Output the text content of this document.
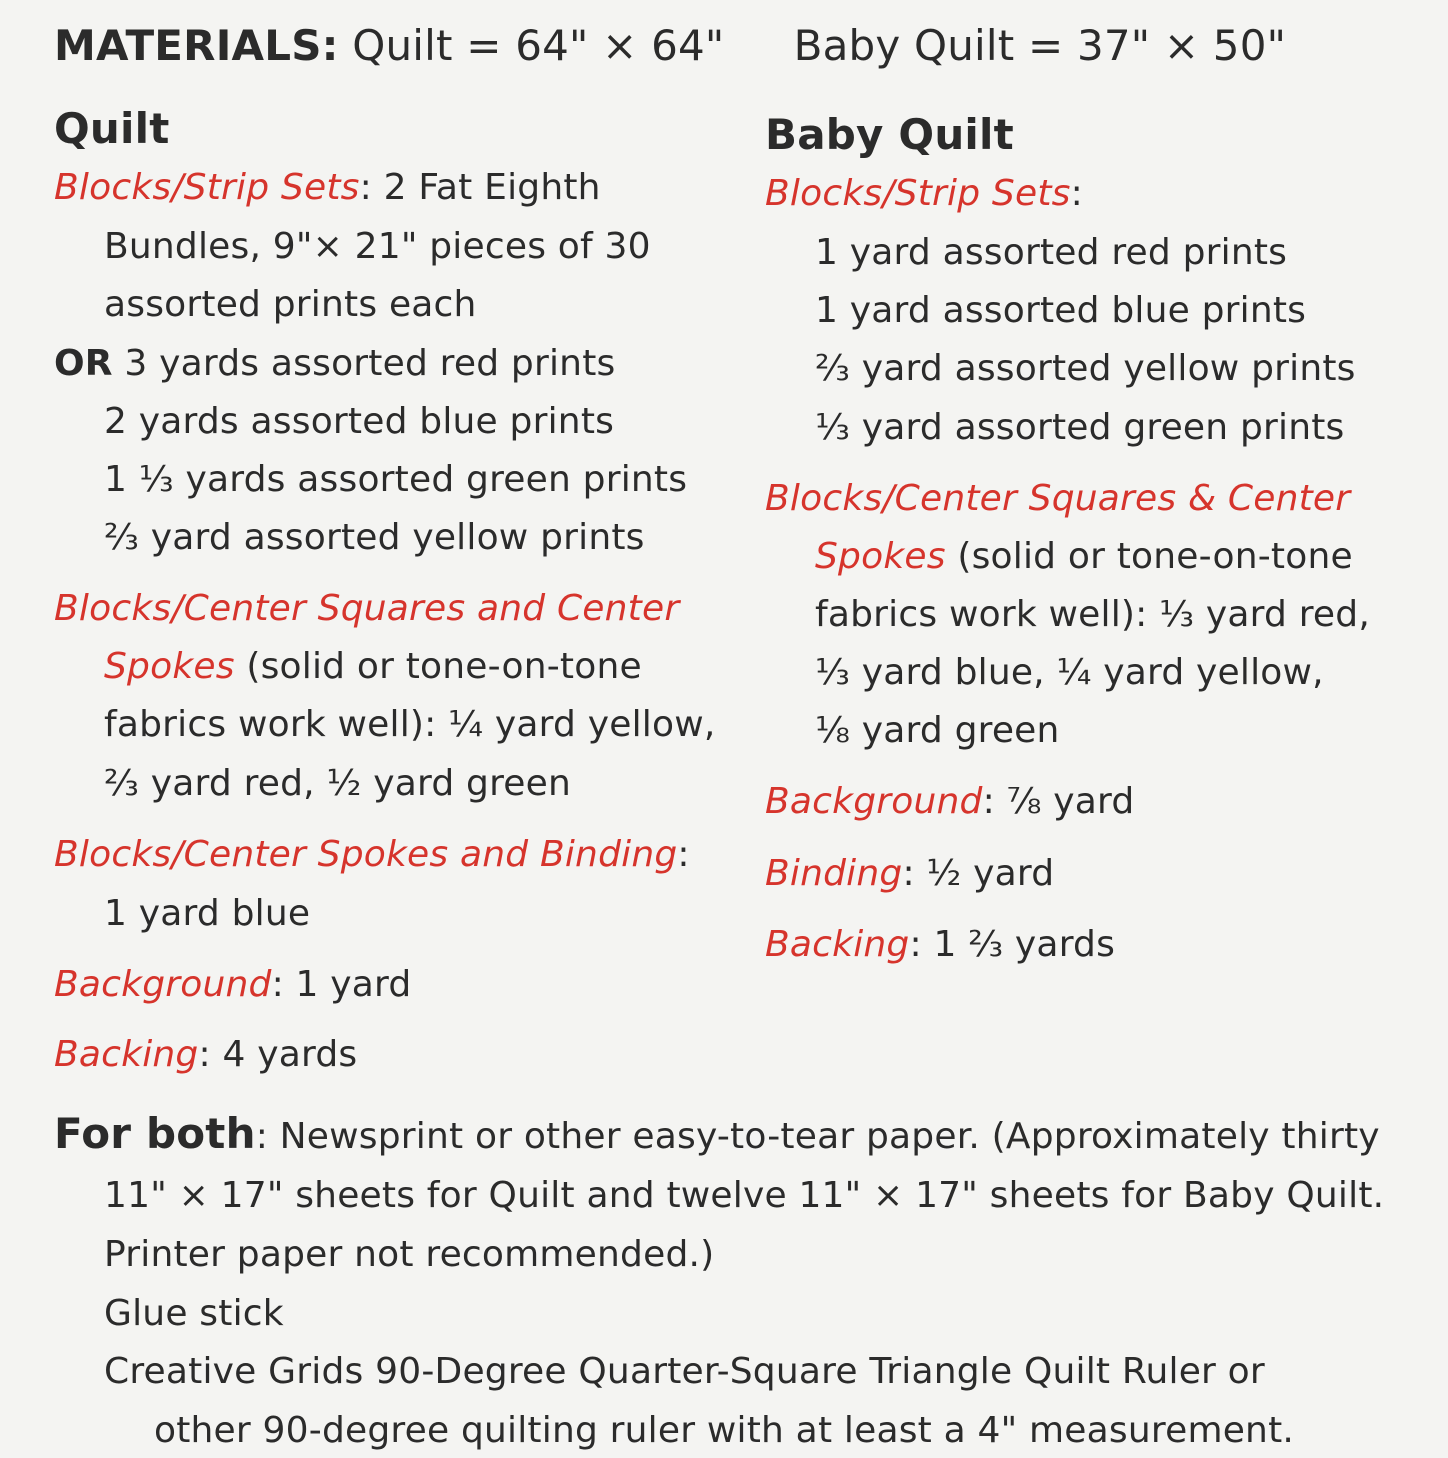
MATERIALS: Quilt = 64" × 64" Baby Quilt = 37" × 50"
Quilt
Blocks/Strip Sets: 2 Fat Eighth
Bundles, 9"× 21" pieces of 30
assorted prints each
OR 3 yards assorted red prints
2 yards assorted blue prints
1 ⅓ yards assorted green prints
⅔ yard assorted yellow prints
Blocks/Center Squares and Center
Spokes (solid or tone-on-tone
fabrics work well): ¼ yard yellow,
⅔ yard red, ½ yard green
Blocks/Center Spokes and Binding:
1 yard blue
Background: 1 yard
Backing: 4 yards
Baby Quilt
Blocks/Strip Sets:
1 yard assorted red prints
1 yard assorted blue prints
⅔ yard assorted yellow prints
⅓ yard assorted green prints
Blocks/Center Squares & Center
Spokes (solid or tone-on-tone
fabrics work well): ⅓ yard red,
⅓ yard blue, ¼ yard yellow,
⅛ yard green
Background: ⅞ yard
Binding: ½ yard
Backing: 1 ⅔ yards
For both: Newsprint or other easy-to-tear paper. (Approximately thirty
11" × 17" sheets for Quilt and twelve 11" × 17" sheets for Baby Quilt.
Printer paper not recommended.)
Glue stick
Creative Grids 90-Degree Quarter-Square Triangle Quilt Ruler or
other 90-degree quilting ruler with at least a 4" measurement.
